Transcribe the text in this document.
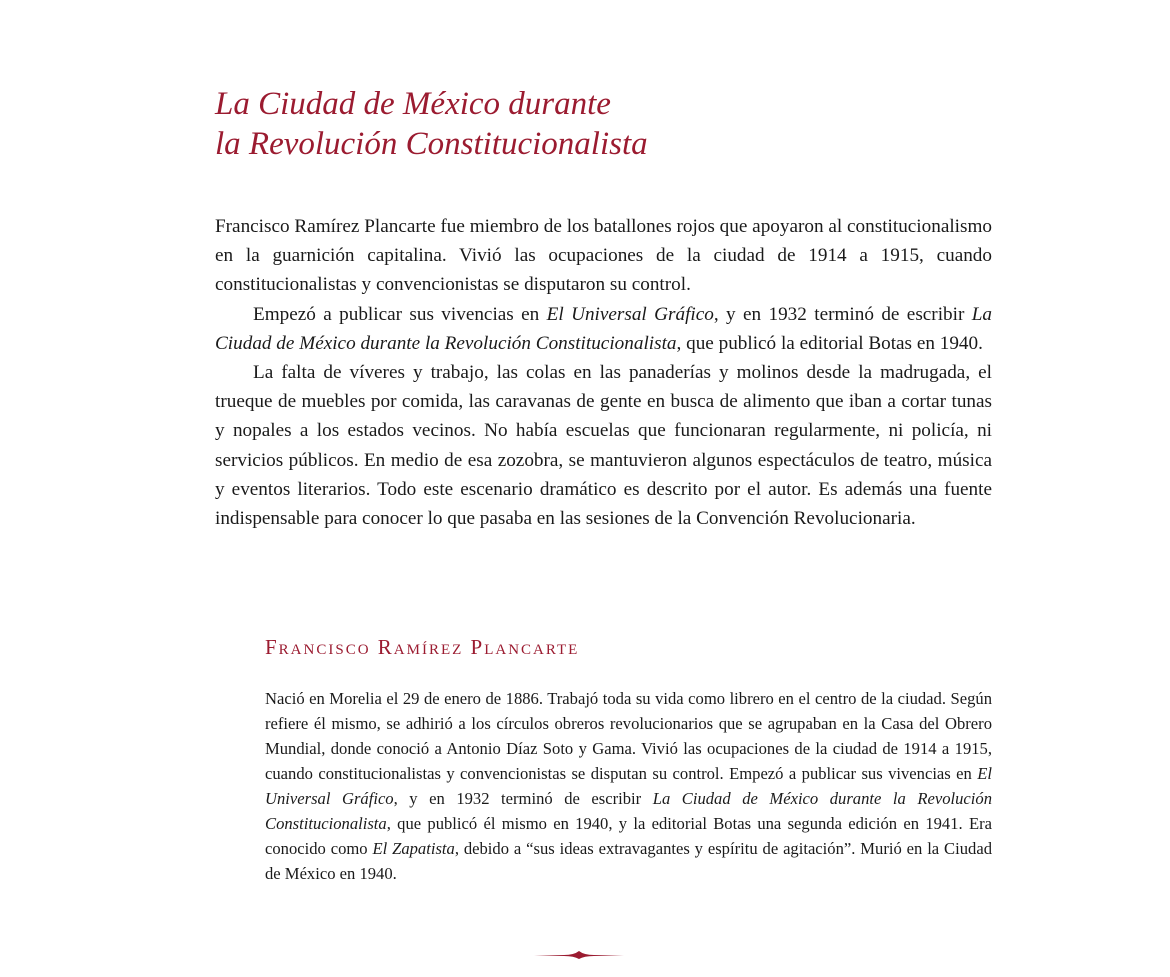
La Ciudad de México durante
la Revolución Constitucionalista

Francisco Ramírez Plancarte fue miembro de los batallones rojos que apoyaron al constitucionalismo en la guarnición capitalina. Vivió las ocupaciones de la ciudad de 1914 a 1915, cuando constitucionalistas y convencionistas se disputaron su control.

Empezó a publicar sus vivencias en El Universal Gráfico, y en 1932 terminó de escribir La Ciudad de México durante la Revolución Constitucionalista, que publicó la editorial Botas en 1940.

La falta de víveres y trabajo, las colas en las panaderías y molinos desde la madrugada, el trueque de muebles por comida, las caravanas de gente en busca de alimento que iban a cortar tunas y nopales a los estados vecinos. No había escuelas que funcionaran regularmente, ni policía, ni servicios públicos. En medio de esa zozobra, se mantuvieron algunos espectáculos de teatro, música y eventos literarios. Todo este escenario dramático es descrito por el autor. Es además una fuente indispensable para conocer lo que pasaba en las sesiones de la Convención Revolucionaria.

Francisco Ramírez Plancarte

Nació en Morelia el 29 de enero de 1886. Trabajó toda su vida como librero en el centro de la ciudad. Según refiere él mismo, se adhirió a los círculos obreros revolucionarios que se agrupaban en la Casa del Obrero Mundial, donde conoció a Antonio Díaz Soto y Gama. Vivió las ocupaciones de la ciudad de 1914 a 1915, cuando constitucionalistas y convencionistas se disputan su control. Empezó a publicar sus vivencias en El Universal Gráfico, y en 1932 terminó de escribir La Ciudad de México durante la Revolución Constitucionalista, que publicó él mismo en 1940, y la editorial Botas una segunda edición en 1941. Era conocido como El Zapatista, debido a “sus ideas extravagantes y espíritu de agitación”. Murió en la Ciudad de México en 1940.
